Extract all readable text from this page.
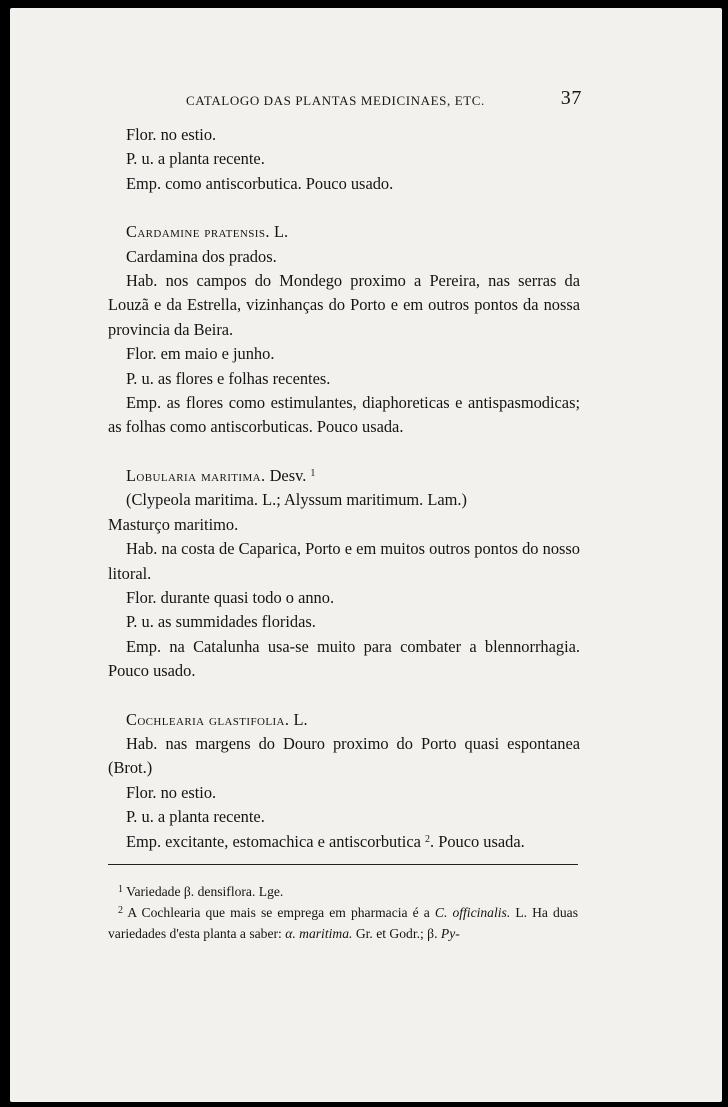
CATALOGO DAS PLANTAS MEDICINAES, ETC.	37

Flor. no estio.

P. u. a planta recente.

Emp. como antiscorbutica. Pouco usado.

Cardamine pratensis. L.

Cardamina dos prados.

Hab. nos campos do Mondego proximo a Pereira, nas serras da Louzã e da Estrella, vizinhanças do Porto e em outros pontos da nossa provincia da Beira.

Flor. em maio e junho.

P. u. as flores e folhas recentes.

Emp. as flores como estimulantes, diaphoreticas e antispasmodicas; as folhas como antiscorbuticas. Pouco usada.

Lobularia maritima. Desv. $^1$

(Clypeola maritima. L.; Alyssum maritimum. Lam.)

Masturço maritimo.

Hab. na costa de Caparica, Porto e em muitos outros pontos do nosso litoral.

Flor. durante quasi todo o anno.

P. u. as summidades floridas.

Emp. na Catalunha usa-se muito para combater a blennorrhagia. Pouco usado.

Cochlearia glastifolia. L.

Hab. nas margens do Douro proximo do Porto quasi espontanea (Brot.)

Flor. no estio.

P. u. a planta recente.

Emp. excitante, estomachica e antiscorbutica $^2$. Pouco usada.

$^1$ Variedade β. densiflora. Lge.

$^2$ A Cochlearia que mais se emprega em pharmacia é a C. officinalis. L. Ha duas variedades d'esta planta a saber: α. maritima. Gr. et Godr.; β. Py-
